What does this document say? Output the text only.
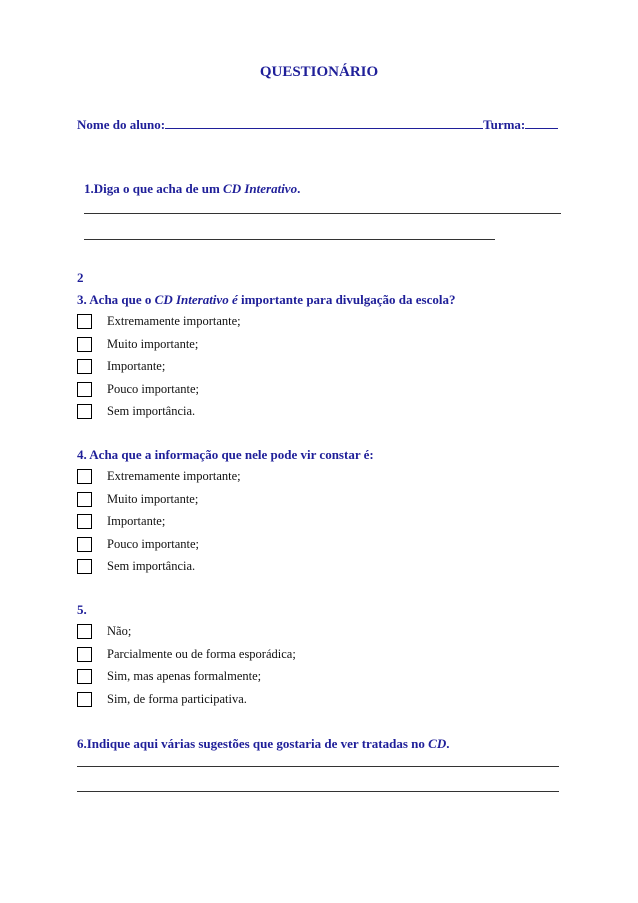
QUESTIONÁRIO
Nome do aluno:	Turma:
1.Diga o que acha de um CD Interativo.
2
3. Acha que o CD Interativo é importante para divulgação da escola?
Extremamente importante;
Muito importante;
Importante;
Pouco importante;
Sem importância.
4. Acha que a informação que nele pode vir constar é:
Extremamente importante;
Muito importante;
Importante;
Pouco importante;
Sem importância.
5.
Não;
Parcialmente ou de forma esporádica;
Sim, mas apenas formalmente;
Sim, de forma participativa.
6.Indique aqui várias sugestões que gostaria de ver tratadas no CD.
